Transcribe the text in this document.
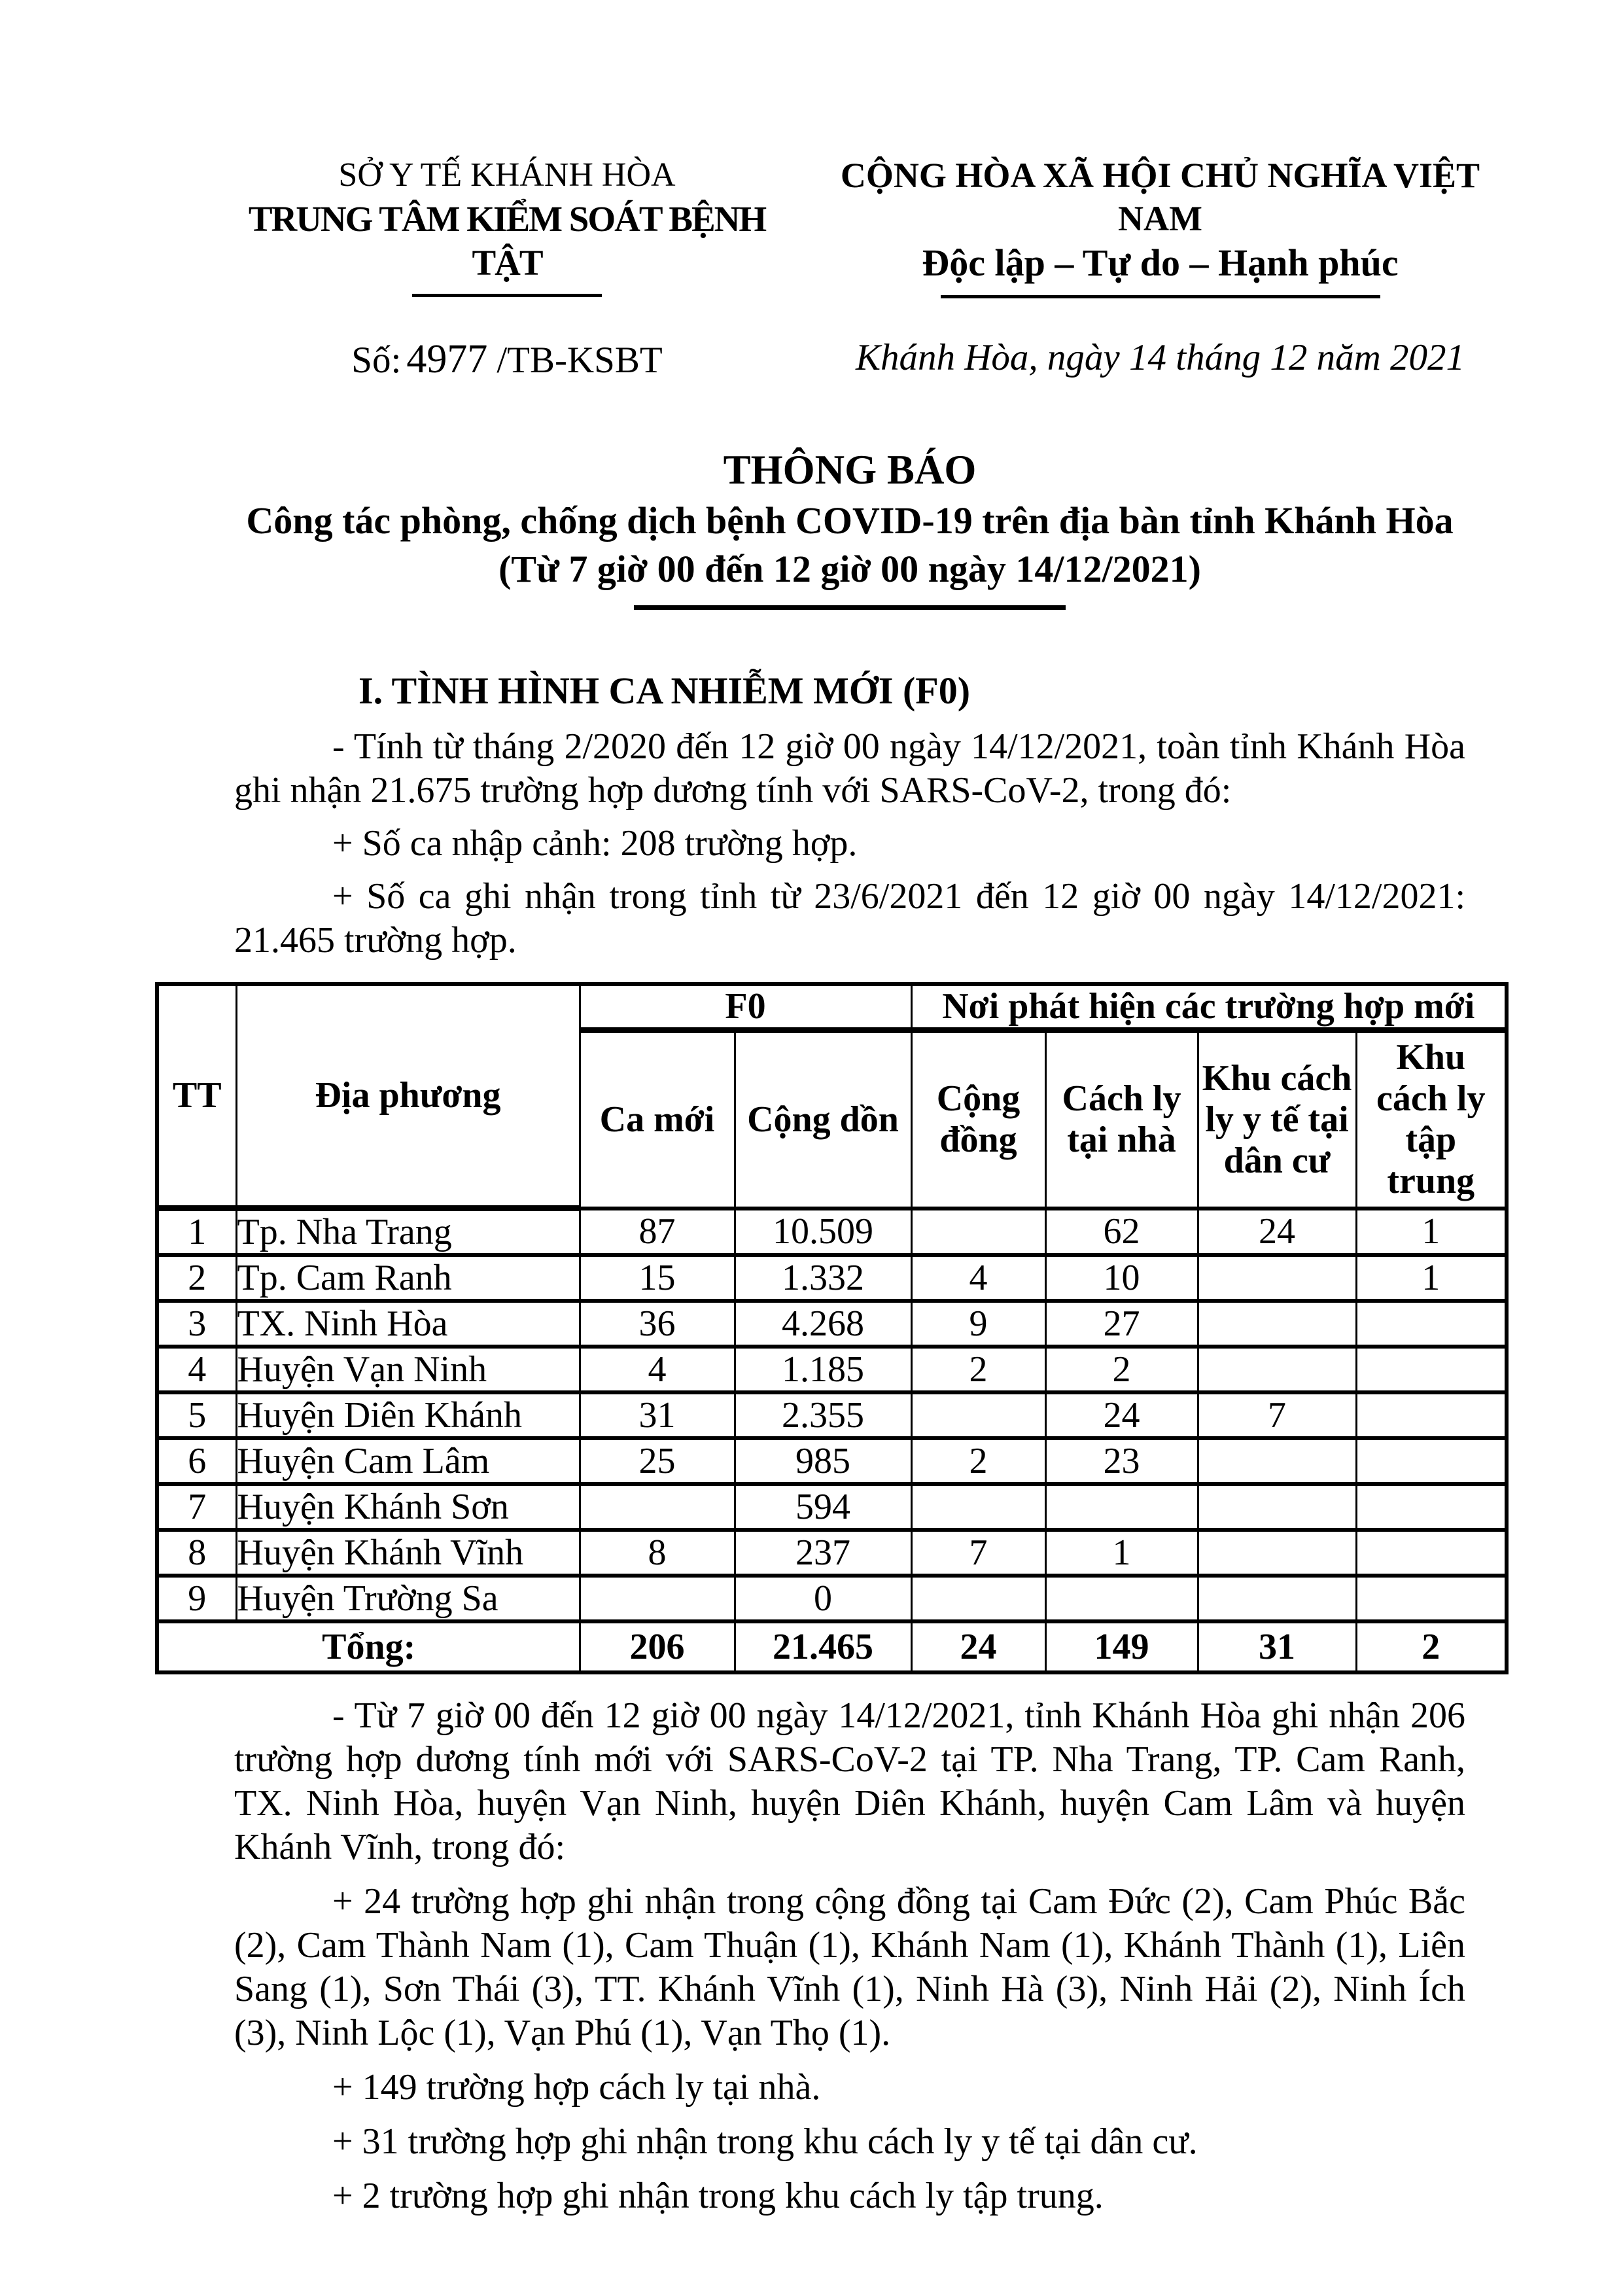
SỞ Y TẾ KHÁNH HÒA
TRUNG TÂM KIỂM SOÁT BỆNH TẬT
CỘNG HÒA XÃ HỘI CHỦ NGHĨA VIỆT NAM
Độc lập – Tự do – Hạnh phúc
Số: 4977 /TB-KSBT	Khánh Hòa, ngày 14 tháng 12 năm 2021
THÔNG BÁO
Công tác phòng, chống dịch bệnh COVID-19 trên địa bàn tỉnh Khánh Hòa
(Từ 7 giờ 00 đến 12 giờ 00 ngày 14/12/2021)
I. TÌNH HÌNH CA NHIỄM MỚI (F0)

- Tính từ tháng 2/2020 đến 12 giờ 00 ngày 14/12/2021, toàn tỉnh Khánh Hòa ghi nhận 21.675 trường hợp dương tính với SARS-CoV-2, trong đó:

+ Số ca nhập cảnh: 208 trường hợp.

+ Số ca ghi nhận trong tỉnh từ 23/6/2021 đến 12 giờ 00 ngày 14/12/2021: 21.465 trường hợp.

TT	Địa phương	F0		Nơi phát hiện các trường hợp mới			
		Ca mới	Cộng dồn	Cộng đồng	Cách ly tại nhà	Khu cách ly y tế tại dân cư	Khu cách ly tập trung
1	Tp. Nha Trang	87	10.509		62	24	1
2	Tp. Cam Ranh	15	1.332	4	10		1
3	TX. Ninh Hòa	36	4.268	9	27		
4	Huyện Vạn Ninh	4	1.185	2	2		
5	Huyện Diên Khánh	31	2.355		24	7	
6	Huyện Cam Lâm	25	985	2	23		
7	Huyện Khánh Sơn		594				
8	Huyện Khánh Vĩnh	8	237	7	1		
9	Huyện Trường Sa		0				
Tổng:		206	21.465	24	149	31	2

- Từ 7 giờ 00 đến 12 giờ 00 ngày 14/12/2021, tỉnh Khánh Hòa ghi nhận 206 trường hợp dương tính mới với SARS-CoV-2 tại TP. Nha Trang, TP. Cam Ranh, TX. Ninh Hòa, huyện Vạn Ninh, huyện Diên Khánh, huyện Cam Lâm và huyện Khánh Vĩnh, trong đó:

+ 24 trường hợp ghi nhận trong cộng đồng tại Cam Đức (2), Cam Phúc Bắc (2), Cam Thành Nam (1), Cam Thuận (1), Khánh Nam (1), Khánh Thành (1), Liên Sang (1), Sơn Thái (3), TT. Khánh Vĩnh (1), Ninh Hà (3), Ninh Hải (2), Ninh Ích (3), Ninh Lộc (1), Vạn Phú (1), Vạn Thọ (1).

+ 149 trường hợp cách ly tại nhà.

+ 31 trường hợp ghi nhận trong khu cách ly y tế tại dân cư.

+ 2 trường hợp ghi nhận trong khu cách ly tập trung.
